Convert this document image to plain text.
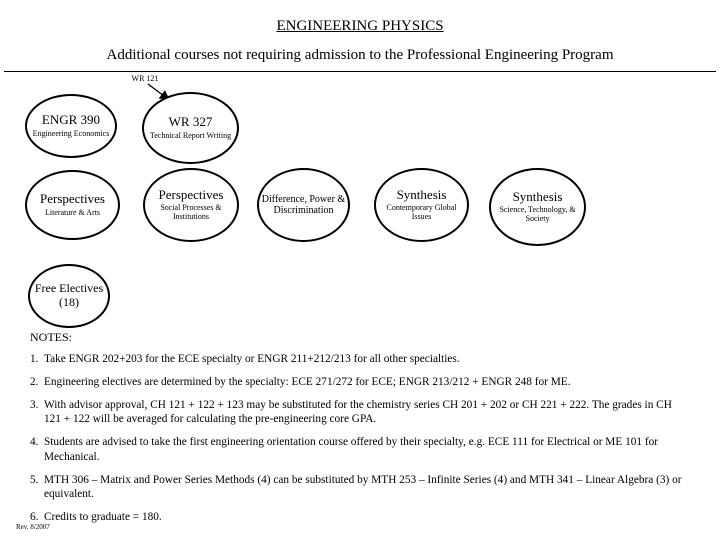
ENGINEERING PHYSICS
Additional courses not requiring admission to the Professional Engineering Program
WR 121
ENGR 390
Engineering Economics
WR 327
Technical Report Writing
Perspectives
Literature & Arts
Perspectives
Social Processes & Institutions
Difference, Power & Discrimination
Synthesis
Contemporary Global Issues
Synthesis
Science, Technology, & Society
Free Electives
(18)
NOTES:
1. Take ENGR 202+203 for the ECE specialty or ENGR 211+212/213 for all other specialties.
2. Engineering electives are determined by the specialty: ECE 271/272 for ECE; ENGR 213/212 + ENGR 248 for ME.
3. With advisor approval, CH 121 + 122 + 123 may be substituted for the chemistry series CH 201 + 202 or CH 221 + 222. The grades in CH 121 + 122 will be averaged for calculating the pre-engineering core GPA.
4. Students are advised to take the first engineering orientation course offered by their specialty, e.g. ECE 111 for Electrical or ME 101 for Mechanical.
5. MTH 306 – Matrix and Power Series Methods (4) can be substituted by MTH 253 – Infinite Series (4) and MTH 341 – Linear Algebra (3) or equivalent.
6. Credits to graduate = 180.
Rev. 8/2007
